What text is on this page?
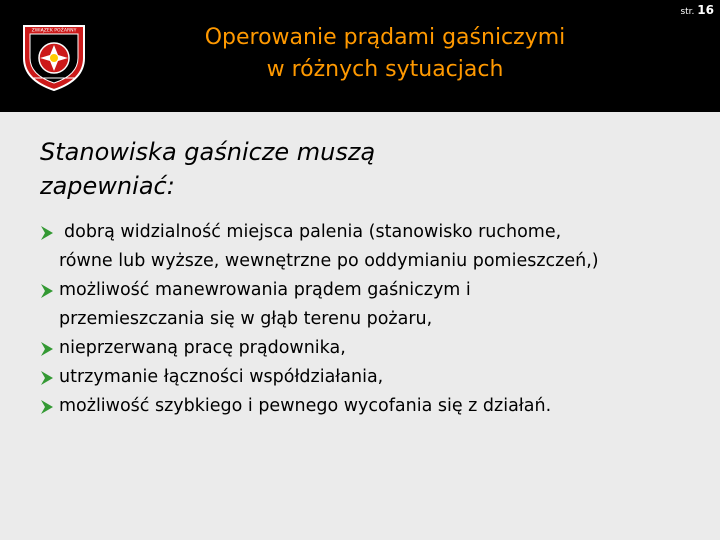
ZWIĄZEK POŻARNY	Operowanie prądami gaśniczymi
w różnych sytuacjach
str. 16
Stanowiska gaśnicze muszą
zapewniać:
dobrą widzialność miejsca palenia (stanowisko ruchome,
równe lub wyższe, wewnętrzne po oddymianiu pomieszczeń,)
możliwość manewrowania prądem gaśniczym i
przemieszczania się w głąb terenu pożaru,
nieprzerwaną pracę prądownika,
utrzymanie łączności współdziałania,
możliwość szybkiego i pewnego wycofania się z działań.
